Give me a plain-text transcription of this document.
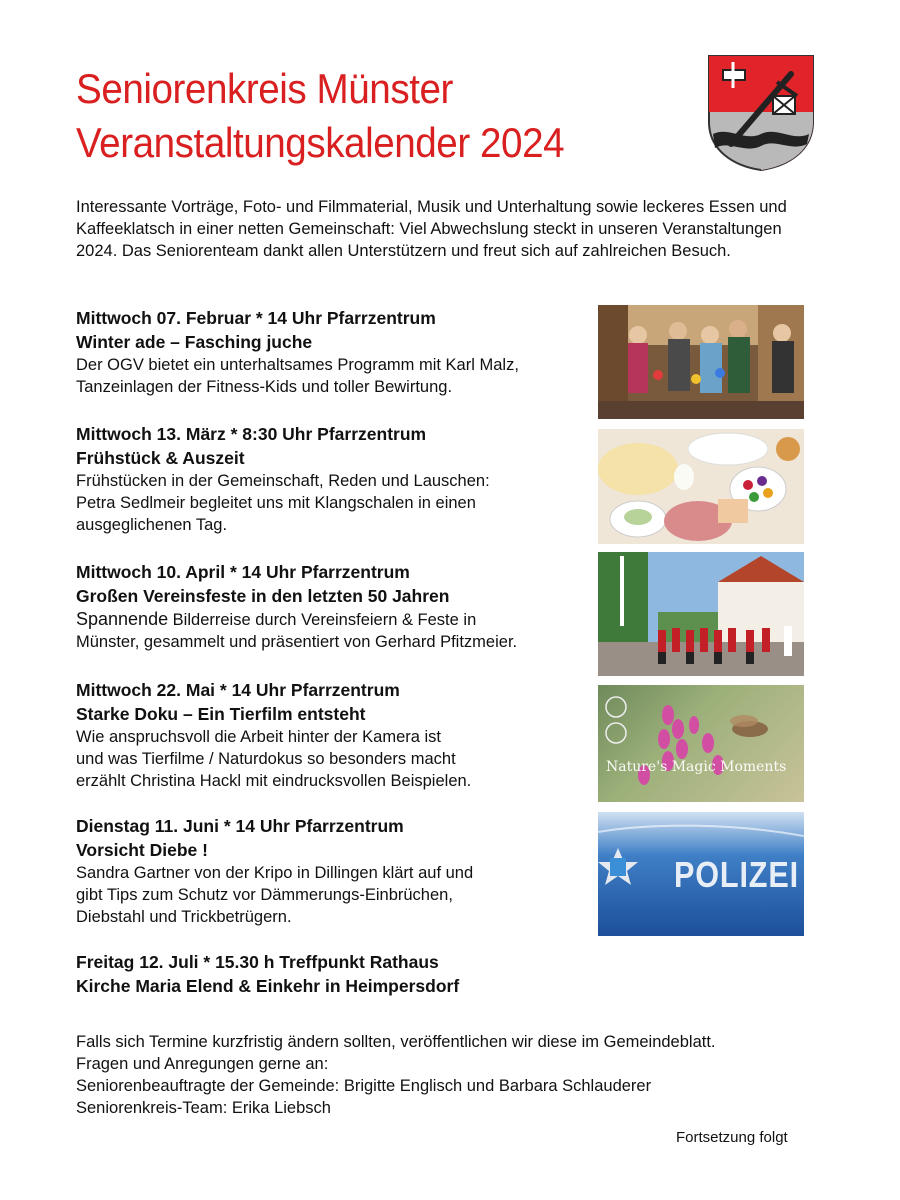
Seniorenkreis Münster
Veranstaltungskalender 2024
Interessante Vorträge, Foto- und Filmmaterial, Musik und Unterhaltung sowie leckeres Essen und Kaffeeklatsch in einer netten Gemeinschaft: Viel Abwechslung steckt in unseren Veranstaltungen 2024. Das Seniorenteam dankt allen Unterstützern und freut sich auf zahlreichen Besuch.
Mittwoch 07. Februar * 14 Uhr Pfarrzentrum
Winter ade – Fasching juche
Der OGV bietet ein unterhaltsames Programm mit Karl Malz,
Tanzeinlagen der Fitness-Kids und toller Bewirtung.
Mittwoch 13. März * 8:30 Uhr Pfarrzentrum
Frühstück & Auszeit
Frühstücken in der Gemeinschaft, Reden und Lauschen:
Petra Sedlmeir begleitet uns mit Klangschalen in einen
ausgeglichenen Tag.
Mittwoch 10. April * 14 Uhr Pfarrzentrum
Großen Vereinsfeste in den letzten 50 Jahren
Spannende Bilderreise durch Vereinsfeiern & Feste in
Münster, gesammelt und präsentiert von Gerhard Pfitzmeier.
Mittwoch 22. Mai * 14 Uhr Pfarrzentrum
Starke Doku – Ein Tierfilm entsteht
Wie anspruchsvoll die Arbeit hinter der Kamera ist
und was Tierfilme / Naturdokus so besonders macht
erzählt Christina Hackl mit eindrucksvollen Beispielen.
Dienstag 11. Juni * 14 Uhr Pfarrzentrum
Vorsicht Diebe !
Sandra Gartner von der Kripo in Dillingen klärt auf und
gibt Tips zum Schutz vor Dämmerungs-Einbrüchen,
Diebstahl und Trickbetrügern.
Freitag 12. Juli * 15.30 h Treffpunkt Rathaus
Kirche Maria Elend & Einkehr in Heimpersdorf
Nature's Magic Moments
POLIZEI
Falls sich Termine kurzfristig ändern sollten, veröffentlichen wir diese im Gemeindeblatt.
Fragen und Anregungen gerne an:
Seniorenbeauftragte der Gemeinde: Brigitte Englisch und Barbara Schlauderer
Seniorenkreis-Team: Erika Liebsch
Fortsetzung folgt
